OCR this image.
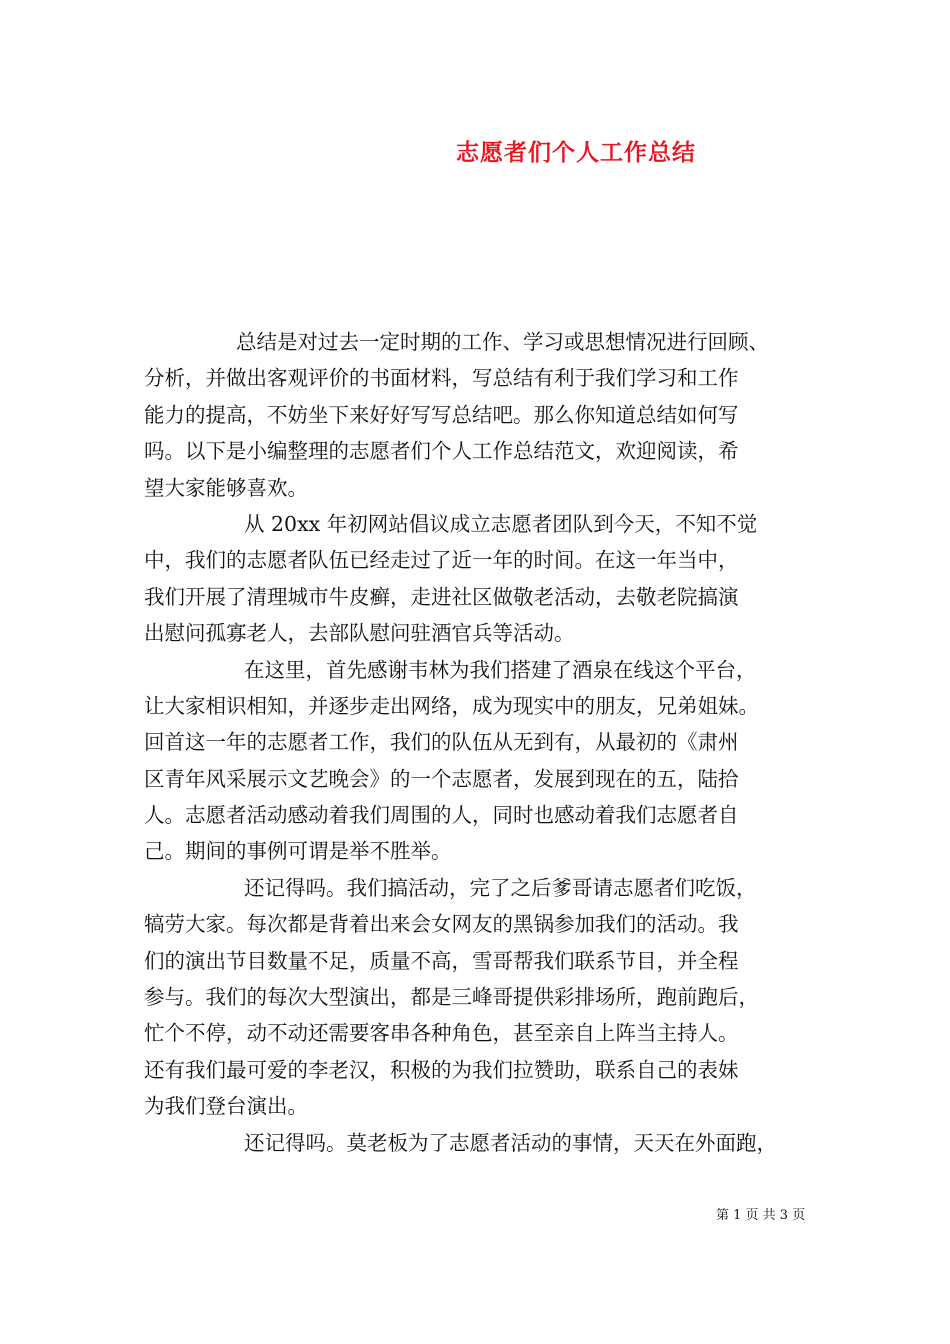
志愿者们个人工作总结
总结是对过去一定时期的工作、学习或思想情况进行回顾、
分析，并做出客观评价的书面材料，写总结有利于我们学习和工作
能力的提高，不妨坐下来好好写写总结吧。那么你知道总结如何写
吗。以下是小编整理的志愿者们个人工作总结范文，欢迎阅读，希
望大家能够喜欢。
从 20xx 年初网站倡议成立志愿者团队到今天，不知不觉
中，我们的志愿者队伍已经走过了近一年的时间。在这一年当中，
我们开展了清理城市牛皮癣，走进社区做敬老活动，去敬老院搞演
出慰问孤寡老人，去部队慰问驻酒官兵等活动。
在这里，首先感谢韦林为我们搭建了酒泉在线这个平台，
让大家相识相知，并逐步走出网络，成为现实中的朋友，兄弟姐妹。
回首这一年的志愿者工作，我们的队伍从无到有，从最初的《肃州
区青年风采展示文艺晚会》的一个志愿者，发展到现在的五，陆拾
人。志愿者活动感动着我们周围的人，同时也感动着我们志愿者自
己。期间的事例可谓是举不胜举。
还记得吗。我们搞活动，完了之后爹哥请志愿者们吃饭，
犒劳大家。每次都是背着出来会女网友的黑锅参加我们的活动。我
们的演出节目数量不足，质量不高，雪哥帮我们联系节目，并全程
参与。我们的每次大型演出，都是三峰哥提供彩排场所，跑前跑后，
忙个不停，动不动还需要客串各种角色，甚至亲自上阵当主持人。
还有我们最可爱的李老汉，积极的为我们拉赞助，联系自己的表妹
为我们登台演出。
还记得吗。莫老板为了志愿者活动的事情，天天在外面跑，
第 1 页 共 3 页
